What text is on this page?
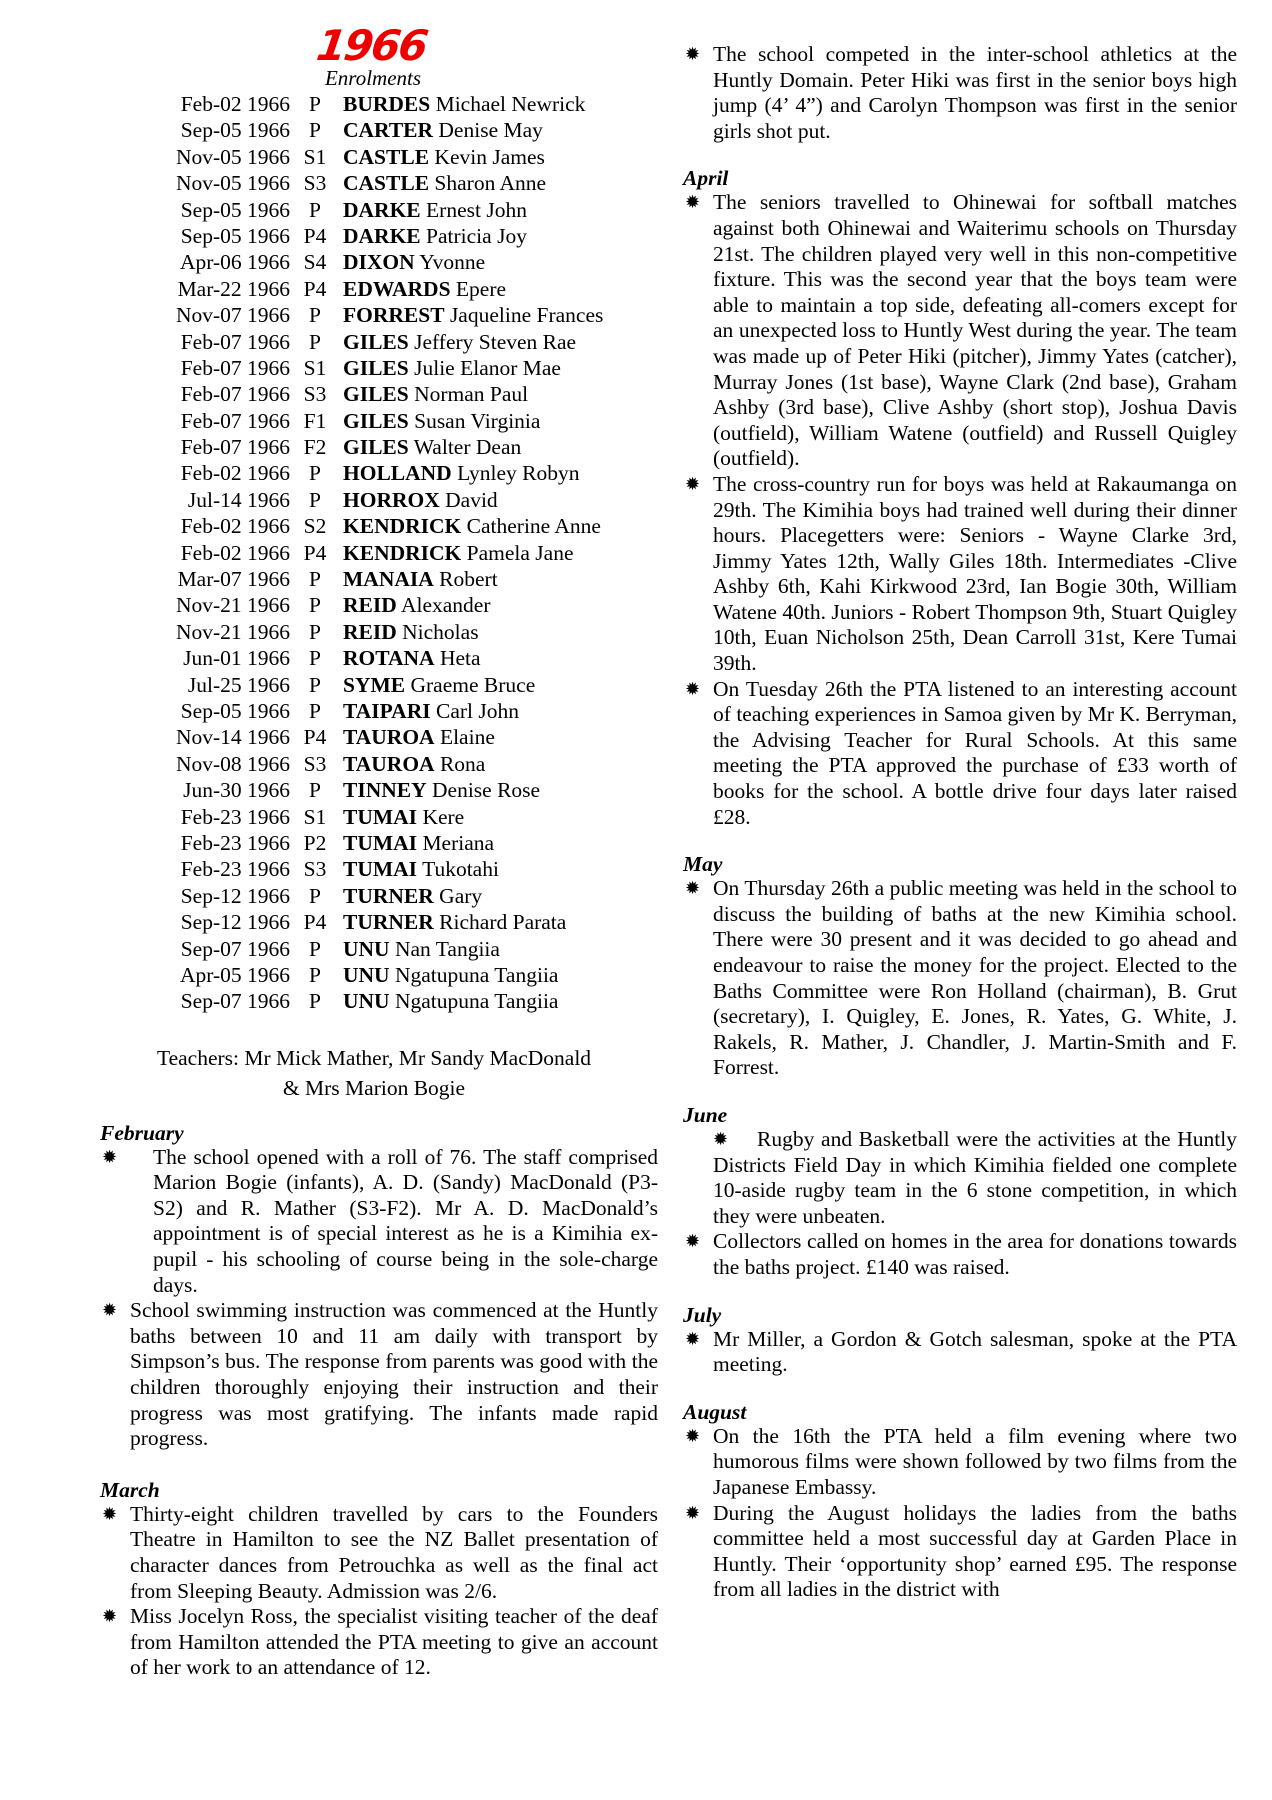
1966
Enrolments
Feb-02 1966 P	BURDES Michael Newrick
Sep-05 1966 P	CARTER Denise May
Nov-05 1966 S1 CASTLE Kevin James
Nov-05 1966 S3 CASTLE Sharon Anne
Sep-05 1966 P	DARKE Ernest John
Sep-05 1966 P4 DARKE Patricia Joy
Apr-06 1966 S4 DIXON Yvonne
Mar-22 1966 P4 EDWARDS Epere
Nov-07 1966 P	FORREST Jaqueline Frances
Feb-07 1966 P	GILES Jeffery Steven Rae
Feb-07 1966 S1 GILES Julie Elanor Mae
Feb-07 1966 S3 GILES Norman Paul
Feb-07 1966 F1 GILES Susan Virginia
Feb-07 1966 F2 GILES Walter Dean
Feb-02 1966 P	HOLLAND Lynley Robyn
Jul-14 1966 P	HORROX David
Feb-02 1966 S2 KENDRICK Catherine Anne
Feb-02 1966 P4 KENDRICK Pamela Jane
Mar-07 1966 P	MANAIA Robert
Nov-21 1966 P	REID Alexander
Nov-21 1966 P	REID Nicholas
Jun-01 1966 P	ROTANA Heta
Jul-25 1966 P	SYME Graeme Bruce
Sep-05 1966 P	TAIPARI Carl John
Nov-14 1966 P4 TAUROA Elaine
Nov-08 1966 S3 TAUROA Rona
Jun-30 1966 P	TINNEY Denise Rose
Feb-23 1966 S1 TUMAI Kere
Feb-23 1966 P2 TUMAI Meriana
Feb-23 1966 S3 TUMAI Tukotahi
Sep-12 1966 P	TURNER Gary
Sep-12 1966 P4 TURNER Richard Parata
Sep-07 1966 P	UNU Nan Tangiia
Apr-05 1966 P	UNU Ngatupuna Tangiia
Sep-07 1966 P	UNU Ngatupuna Tangiia
Teachers: Mr Mick Mather, Mr Sandy MacDonald
& Mrs Marion Bogie
February
✹ The school opened with a roll of 76. The staff comprised Marion Bogie (infants), A. D. (Sandy) MacDonald (P3-S2) and R. Mather (S3-F2). Mr A. D. MacDonald’s appointment is of special interest as he is a Kimihia ex-pupil - his schooling of course being in the sole-charge days.
✹ School swimming instruction was commenced at the Huntly baths between 10 and 11 am daily with transport by Simpson’s bus. The response from parents was good with the children thoroughly enjoying their instruction and their progress was most gratifying. The infants made rapid progress.
March
✹ Thirty-eight children travelled by cars to the Founders Theatre in Hamilton to see the NZ Ballet presentation of character dances from Petrouchka as well as the final act from Sleeping Beauty. Admission was 2/6.
✹ Miss Jocelyn Ross, the specialist visiting teacher of the deaf from Hamilton attended the PTA meeting to give an account of her work to an attendance of 12.
✹ The school competed in the inter-school athletics at the Huntly Domain. Peter Hiki was first in the senior boys high jump (4’ 4”) and Carolyn Thompson was first in the senior girls shot put.
April
✹ The seniors travelled to Ohinewai for softball matches against both Ohinewai and Waiterimu schools on Thursday 21st. The children played very well in this non-competitive fixture. This was the second year that the boys team were able to maintain a top side, defeating all-comers except for an unexpected loss to Huntly West during the year. The team was made up of Peter Hiki (pitcher), Jimmy Yates (catcher), Murray Jones (1st base), Wayne Clark (2nd base), Graham Ashby (3rd base), Clive Ashby (short stop), Joshua Davis (outfield), William Watene (outfield) and Russell Quigley (outfield).
✹ The cross-country run for boys was held at Rakaumanga on 29th. The Kimihia boys had trained well during their dinner hours. Placegetters were: Seniors - Wayne Clarke 3rd, Jimmy Yates 12th, Wally Giles 18th. Intermediates -Clive Ashby 6th, Kahi Kirkwood 23rd, Ian Bogie 30th, William Watene 40th. Juniors - Robert Thompson 9th, Stuart Quigley 10th, Euan Nicholson 25th, Dean Carroll 31st, Kere Tumai 39th.
✹ On Tuesday 26th the PTA listened to an interesting account of teaching experiences in Samoa given by Mr K. Berryman, the Advising Teacher for Rural Schools. At this same meeting the PTA approved the purchase of £33 worth of books for the school. A bottle drive four days later raised £28.
May
✹ On Thursday 26th a public meeting was held in the school to discuss the building of baths at the new Kimihia school. There were 30 present and it was decided to go ahead and endeavour to raise the money for the project. Elected to the Baths Committee were Ron Holland (chairman), B. Grut (secretary), I. Quigley, E. Jones, R. Yates, G. White, J. Rakels, R. Mather, J. Chandler, J. Martin-Smith and F. Forrest.
June
✹ Rugby and Basketball were the activities at the Huntly Districts Field Day in which Kimihia fielded one complete 10-aside rugby team in the 6 stone competition, in which they were unbeaten.
✹ Collectors called on homes in the area for donations towards the baths project. £140 was raised.
July
✹ Mr Miller, a Gordon & Gotch salesman, spoke at the PTA meeting.
August
✹ On the 16th the PTA held a film evening where two humorous films were shown followed by two films from the Japanese Embassy.
✹ During the August holidays the ladies from the baths committee held a most successful day at Garden Place in Huntly. Their ‘opportunity shop’ earned £95. The response from all ladies in the district with
